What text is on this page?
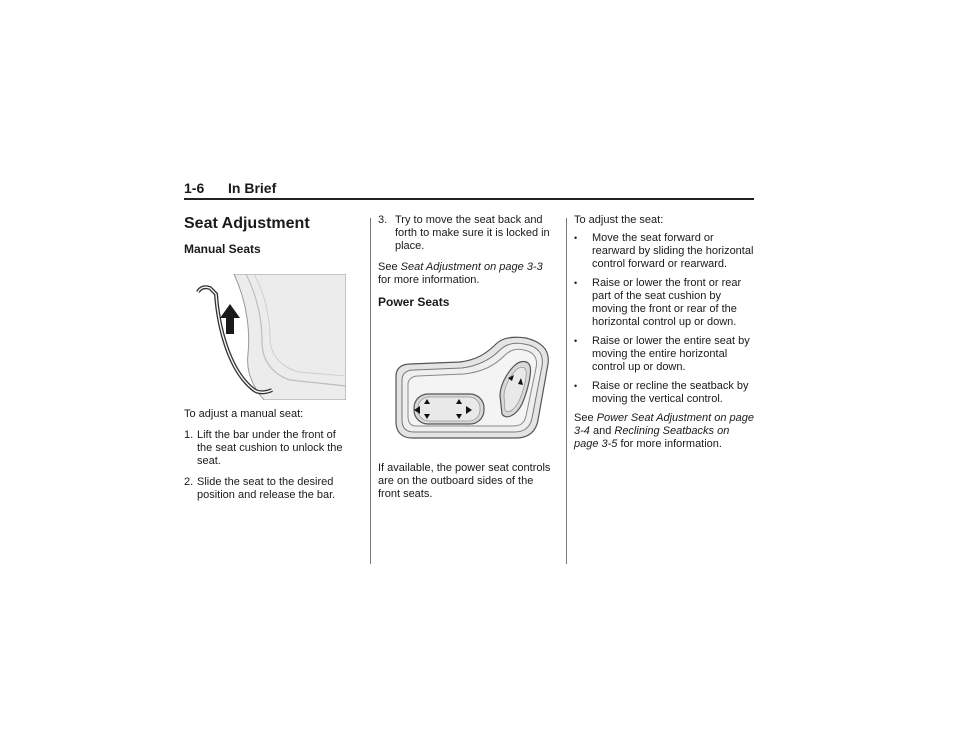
1-6 In Brief
Seat Adjustment
Manual Seats

To adjust a manual seat:

1. Lift the bar under the front of the seat cushion to unlock the seat.
2. Slide the seat to the desired position and release the bar.
3. Try to move the seat back and forth to make sure it is locked in place.

See Seat Adjustment on page 3-3
for more information.

Power Seats

If available, the power seat controls are on the outboard sides of the front seats.

To adjust the seat:

•	Move the seat forward or rearward by sliding the horizontal control forward or rearward.
•	Raise or lower the front or rear part of the seat cushion by moving the front or rear of the horizontal control up or down.
•	Raise or lower the entire seat by moving the entire horizontal control up or down.
•	Raise or recline the seatback by moving the vertical control.

See Power Seat Adjustment on page 3-4 and Reclining Seatbacks on page 3-5 for more information.
